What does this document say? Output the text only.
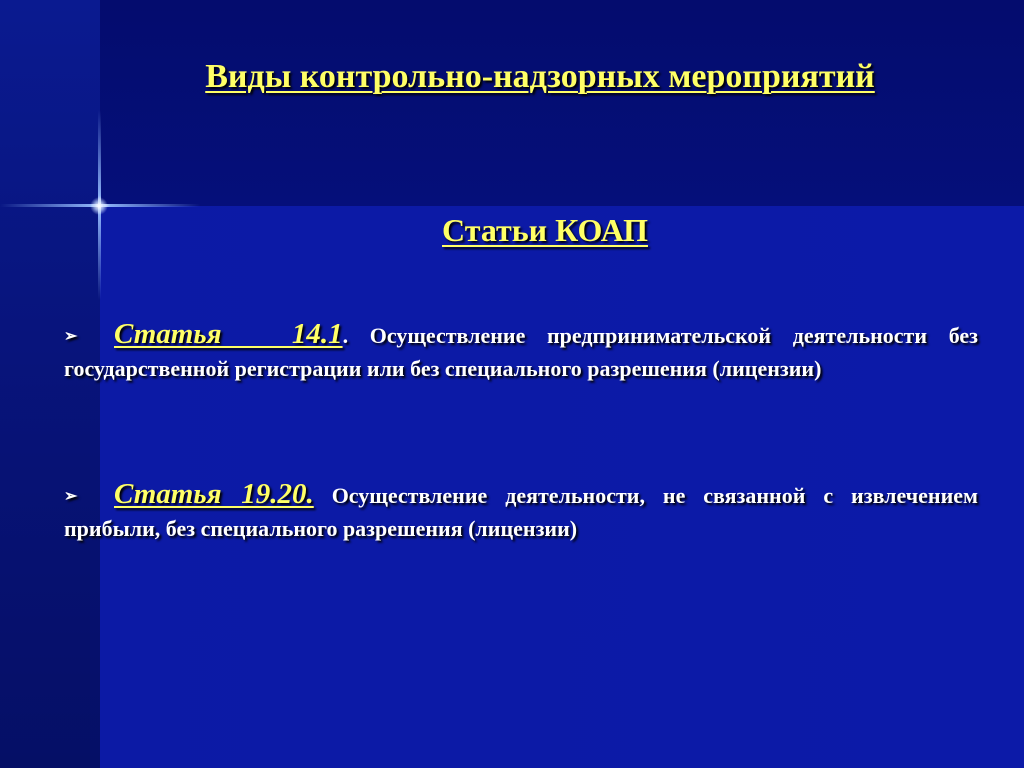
Виды контрольно-надзорных мероприятий
Статьи КОАП
➢ Статья   14.1. Осуществление предпринимательской деятельности без государственной регистрации или без специального разрешения (лицензии)
➢ Статья 19.20. Осуществление деятельности, не связанной с извлечением прибыли, без специального разрешения (лицензии)
